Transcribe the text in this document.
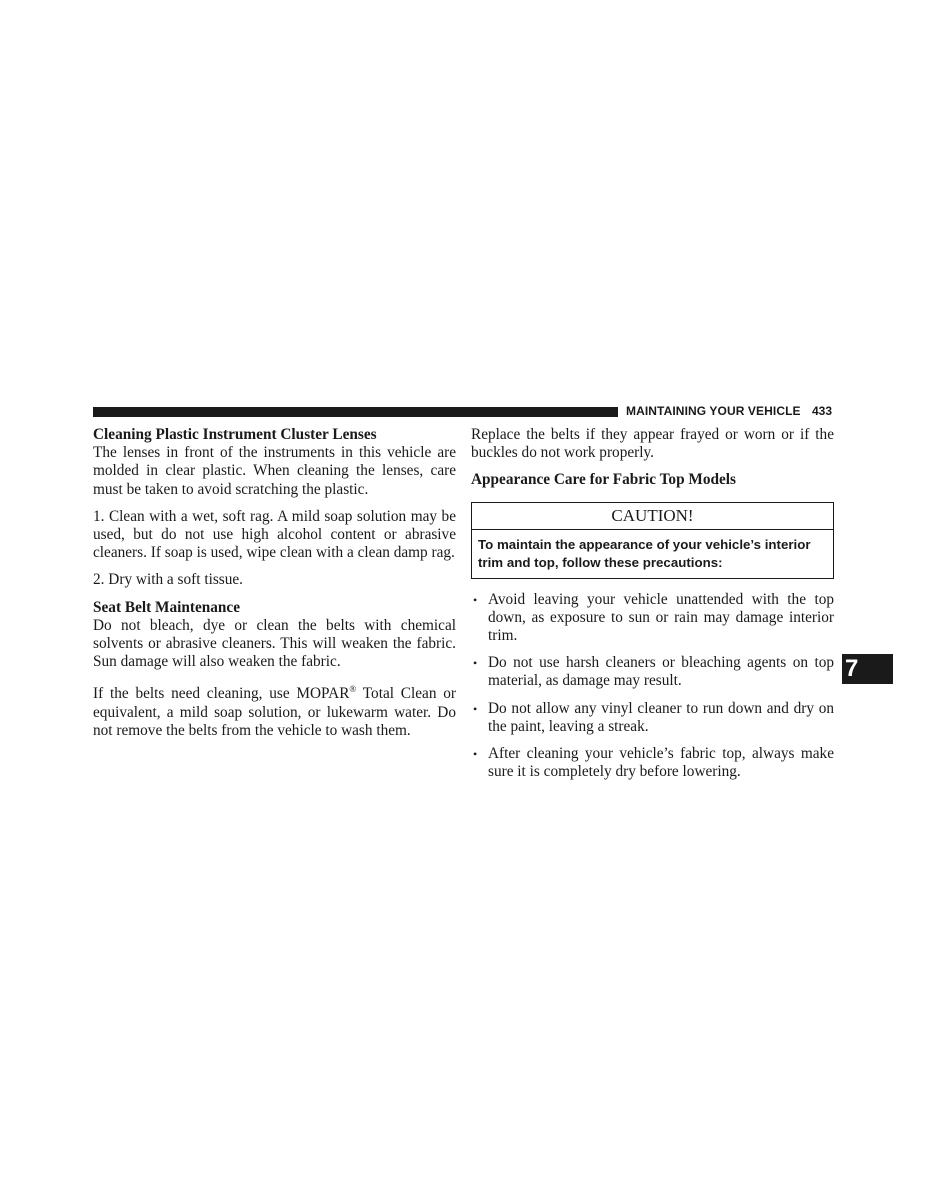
MAINTAINING YOUR VEHICLE 433

Cleaning Plastic Instrument Cluster Lenses

The lenses in front of the instruments in this vehicle are molded in clear plastic. When cleaning the lenses, care must be taken to avoid scratching the plastic.

1. Clean with a wet, soft rag. A mild soap solution may be used, but do not use high alcohol content or abrasive cleaners. If soap is used, wipe clean with a clean damp rag.

2. Dry with a soft tissue.

Seat Belt Maintenance

Do not bleach, dye or clean the belts with chemical solvents or abrasive cleaners. This will weaken the fabric. Sun damage will also weaken the fabric.

If the belts need cleaning, use MOPAR® Total Clean or equivalent, a mild soap solution, or lukewarm water. Do not remove the belts from the vehicle to wash them.

Replace the belts if they appear frayed or worn or if the buckles do not work properly.

Appearance Care for Fabric Top Models

CAUTION!
To maintain the appearance of your vehicle’s interior trim and top, follow these precautions:
• Avoid leaving your vehicle unattended with the top down, as exposure to sun or rain may damage interior trim.
• Do not use harsh cleaners or bleaching agents on top material, as damage may result.
• Do not allow any vinyl cleaner to run down and dry on the paint, leaving a streak.
• After cleaning your vehicle’s fabric top, always make sure it is completely dry before lowering.
7
